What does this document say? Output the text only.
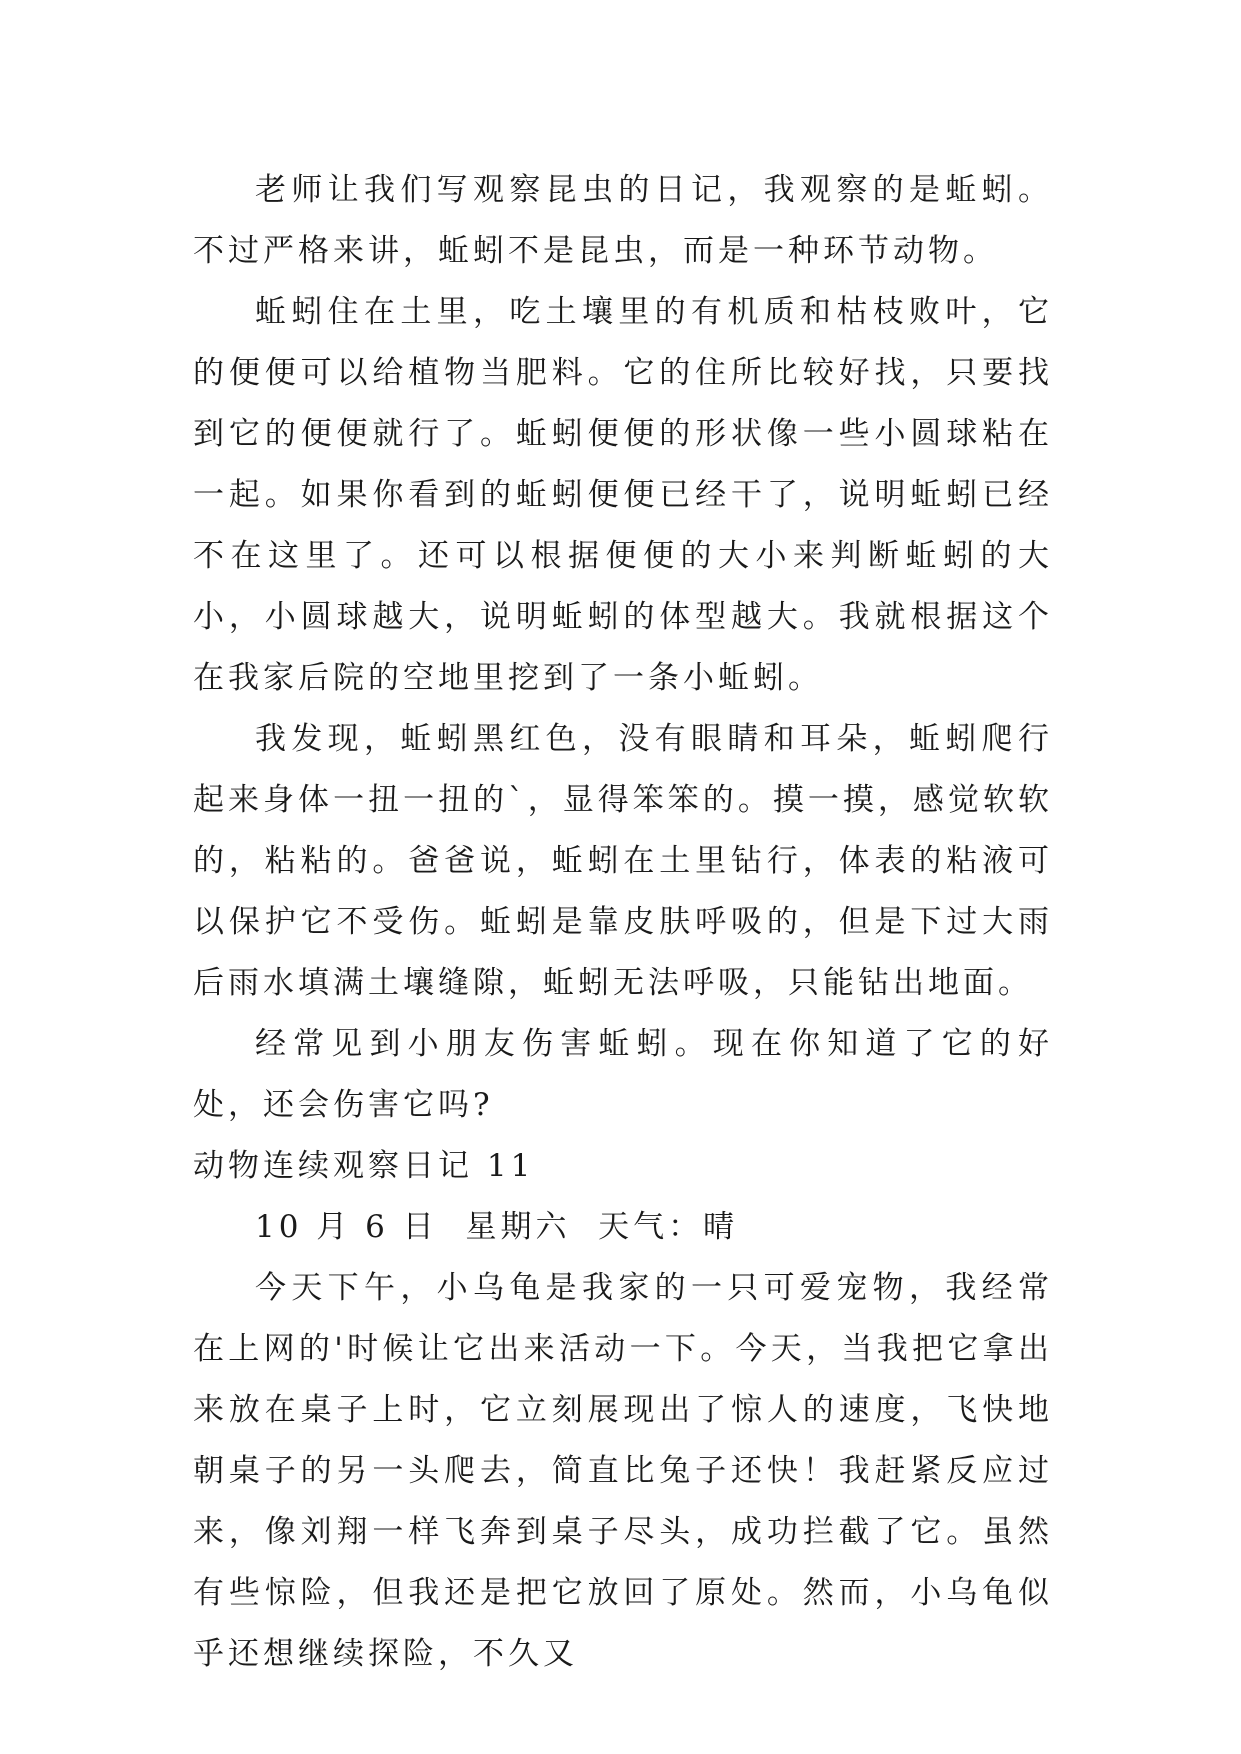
老师让我们写观察昆虫的日记，我观察的是蚯蚓。不过严格来讲，蚯蚓不是昆虫，而是一种环节动物。

蚯蚓住在土里，吃土壤里的有机质和枯枝败叶，它的便便可以给植物当肥料。它的住所比较好找，只要找到它的便便就行了。蚯蚓便便的形状像一些小圆球粘在一起。如果你看到的蚯蚓便便已经干了，说明蚯蚓已经不在这里了。还可以根据便便的大小来判断蚯蚓的大小，小圆球越大，说明蚯蚓的体型越大。我就根据这个在我家后院的空地里挖到了一条小蚯蚓。

我发现，蚯蚓黑红色，没有眼睛和耳朵，蚯蚓爬行起来身体一扭一扭的`，显得笨笨的。摸一摸，感觉软软的，粘粘的。爸爸说，蚯蚓在土里钻行，体表的粘液可以保护它不受伤。蚯蚓是靠皮肤呼吸的，但是下过大雨后雨水填满土壤缝隙，蚯蚓无法呼吸，只能钻出地面。

经常见到小朋友伤害蚯蚓。现在你知道了它的好处，还会伤害它吗?

动物连续观察日记 11

10 月 6 日  星期六  天气：晴

今天下午，小乌龟是我家的一只可爱宠物，我经常在上网的'时候让它出来活动一下。今天，当我把它拿出来放在桌子上时，它立刻展现出了惊人的速度，飞快地朝桌子的另一头爬去，简直比兔子还快！我赶紧反应过来，像刘翔一样飞奔到桌子尽头，成功拦截了它。虽然有些惊险，但我还是把它放回了原处。然而，小乌龟似乎还想继续探险，不久又
